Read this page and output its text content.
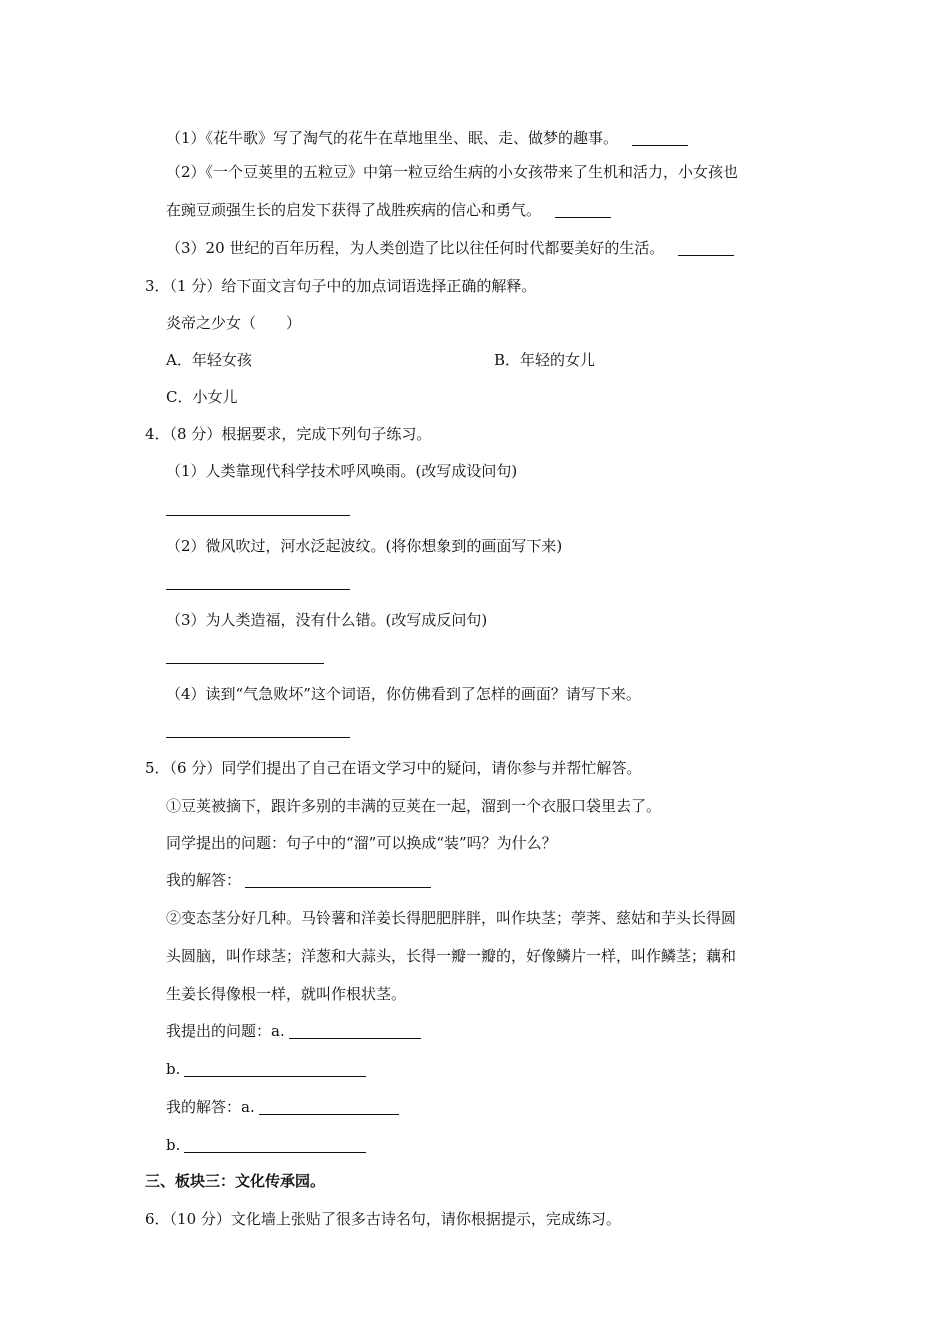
（1）《花牛歌》写了淘气的花牛在草地里坐、眠、走、做梦的趣事。
（2）《一个豆荚里的五粒豆》中第一粒豆给生病的小女孩带来了生机和活力，小女孩也
在豌豆顽强生长的启发下获得了战胜疾病的信心和勇气。
（3）20 世纪的百年历程，为人类创造了比以往任何时代都要美好的生活。
3．（1 分）给下面文言句子中的加点词语选择正确的解释。
炎帝之少女（　　）
A．年轻女孩	B．年轻的女儿
C．小女儿
4．（8 分）根据要求，完成下列句子练习。
（1）人类靠现代科学技术呼风唤雨。(改写成设问句)
（2）微风吹过，河水泛起波纹。(将你想象到的画面写下来)
（3）为人类造福，没有什么错。(改写成反问句)
（4）读到“气急败坏”这个词语，你仿佛看到了怎样的画面？请写下来。
5．（6 分）同学们提出了自己在语文学习中的疑问，请你参与并帮忙解答。
①豆荚被摘下，跟许多别的丰满的豆荚在一起，溜到一个衣服口袋里去了。
同学提出的问题：句子中的“溜”可以换成“装”吗？为什么？
我的解答：
②变态茎分好几种。马铃薯和洋姜长得肥肥胖胖，叫作块茎；荸荠、慈姑和芋头长得圆
头圆脑，叫作球茎；洋葱和大蒜头，长得一瓣一瓣的，好像鳞片一样，叫作鳞茎；藕和
生姜长得像根一样，就叫作根状茎。
我提出的问题：a.
b.
我的解答：a.
b.
三、板块三：文化传承园。
6．（10 分）文化墙上张贴了很多古诗名句，请你根据提示，完成练习。
